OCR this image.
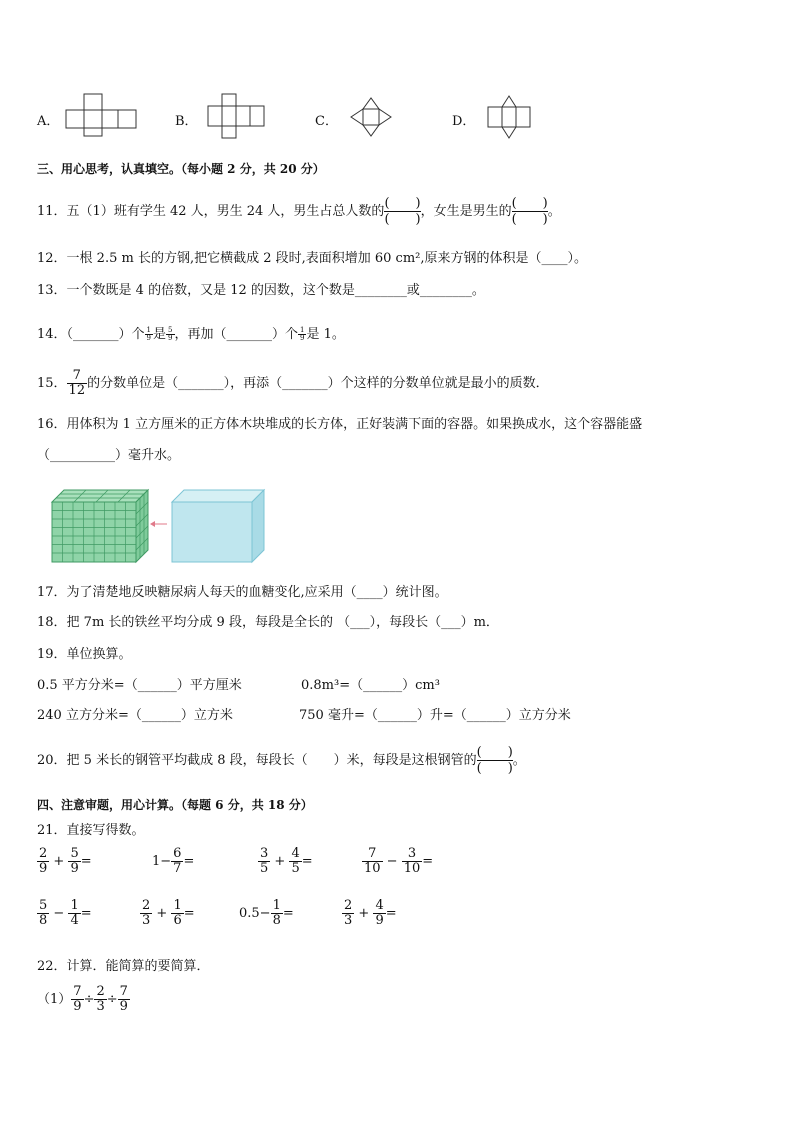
A．	B．	C．	D．
三、用心思考，认真填空。（每小题 2 分，共 20 分）
11．五（1）班有学生 42 人，男生 24 人，男生占总人数的 $\frac{( )}{( )}$，女生是男生的 $\frac{( )}{( )}$。
12．一根 2.5 m 长的方钢,把它横截成 2 段时,表面积增加 60 cm²,原来方钢的体积是（____）。
13．一个数既是 4 的倍数，又是 12 的因数，这个数是________或________。
14．（_______）个 $\frac{1}{9}$ 是 $\frac{5}{9}$ ，再加（_______）个 $\frac{1}{9}$ 是 1。
15． $\frac{7}{12}$ 的分数单位是（_______），再添（_______）个这样的分数单位就是最小的质数．
16．用体积为 1 立方厘米的正方体木块堆成的长方体，正好装满下面的容器。如果换成水，这个容器能盛
（__________）毫升水。
17．为了清楚地反映糖尿病人每天的血糖变化,应采用（____）统计图。
18．把 7m 长的铁丝平均分成 9 段，每段是全长的 （___），每段长（___）m．
19．单位换算。
0.5 平方分米=（______）平方厘米	0.8m³=（______）cm³
240 立方分米=（______）立方米	750 毫升=（______）升=（______）立方分米
20．把 5 米长的钢管平均截成 8 段，每段长（　　）米，每段是这根钢管的 $\frac{( )}{( )}$。
四、注意审题，用心计算。（每题 6 分，共 18 分）
21．直接写得数。
22．计算．能简算的要简算．
$(1) \frac{7}{9} \div \frac{2}{3} \div \frac{7}{9}$
$\frac{2}{9} + \frac{5}{9}$ =	$1- \frac{6}{7}$ =	$\frac{3}{5} + \frac{4}{5}$ =	$\frac{7}{10} - \frac{3}{10}$ =
$\frac{5}{8} - \frac{1}{4}$ =	$\frac{2}{3} + \frac{1}{6}$ =	$0.5- \frac{1}{8}$ =	$\frac{2}{3} + \frac{4}{9}$ =
